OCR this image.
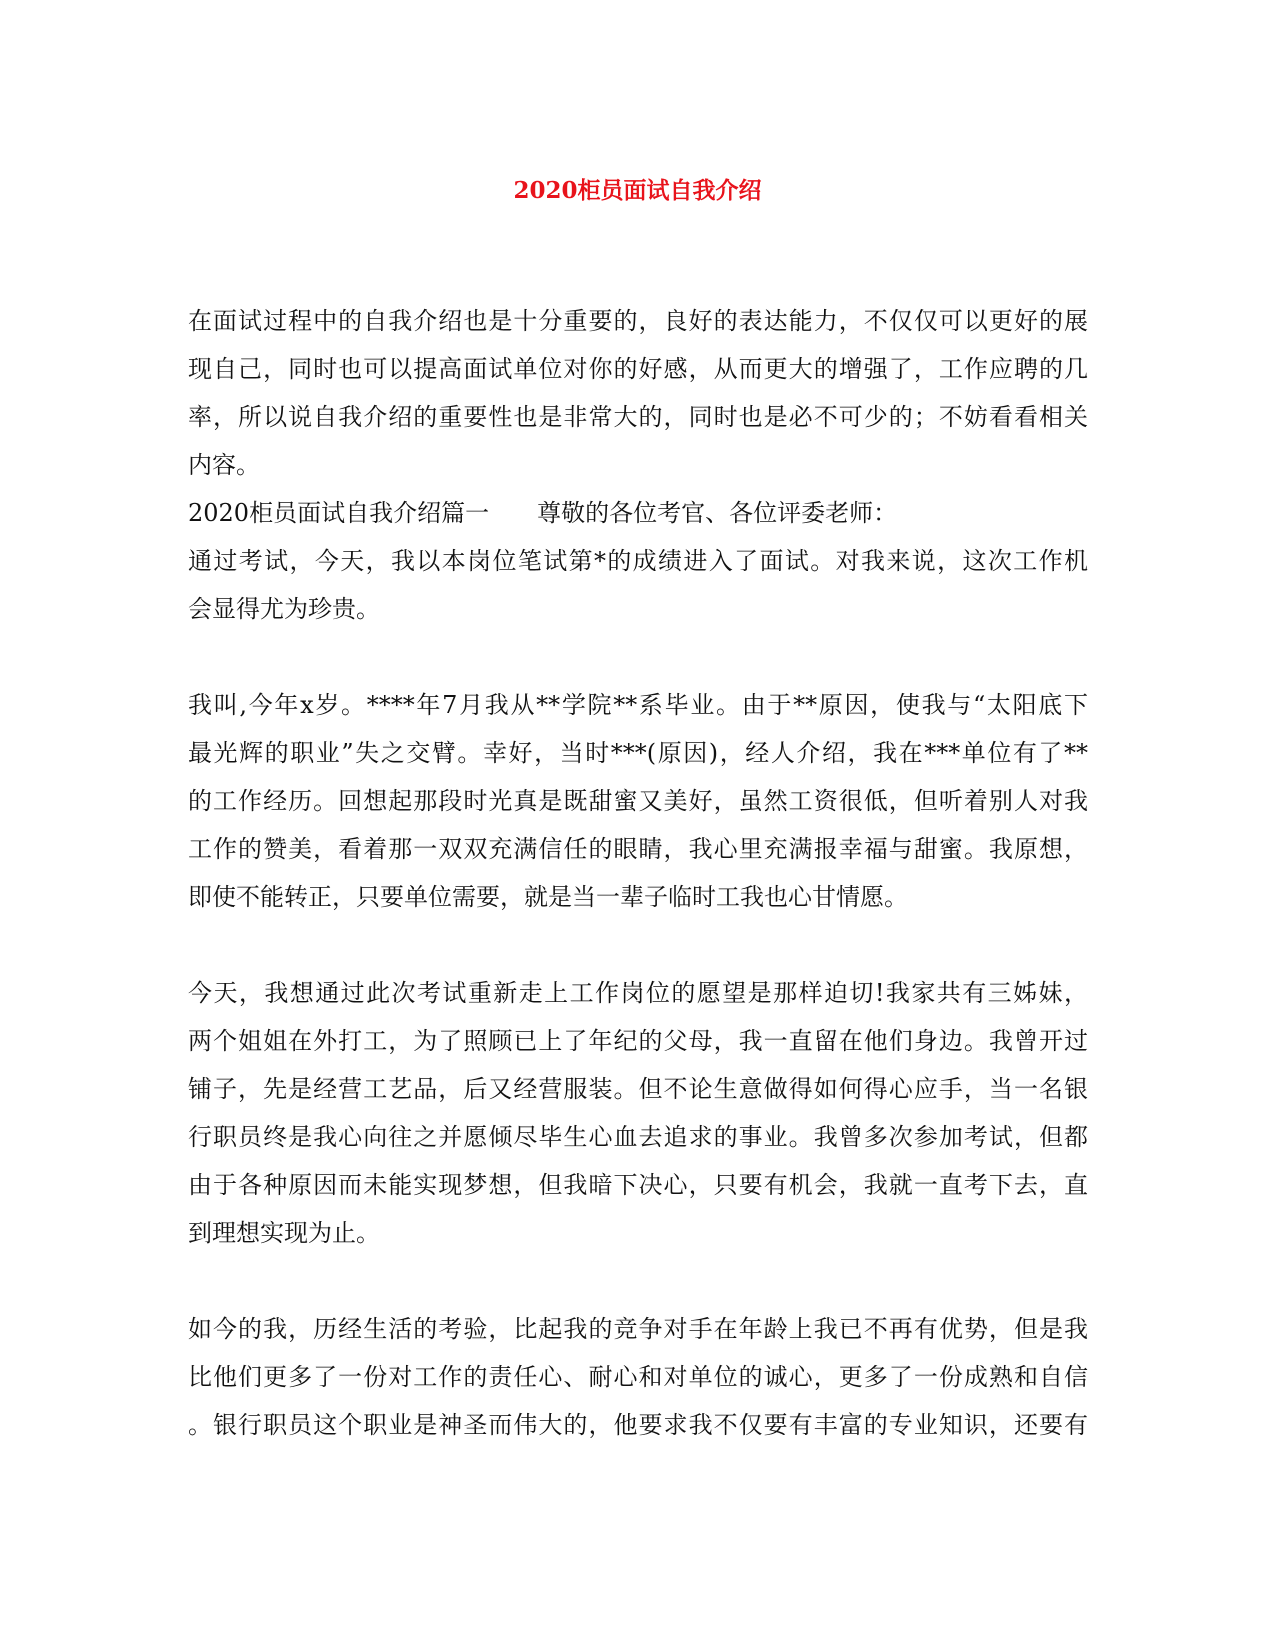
2020柜员面试自我介绍
在面试过程中的自我介绍也是十分重要的，良好的表达能力，不仅仅可以更好的展
现自己，同时也可以提高面试单位对你的好感，从而更大的增强了，工作应聘的几
率，所以说自我介绍的重要性也是非常大的，同时也是必不可少的；不妨看看相关
内容。
2020柜员面试自我介绍篇一　　尊敬的各位考官、各位评委老师：
通过考试，今天，我以本岗位笔试第*的成绩进入了面试。对我来说，这次工作机
会显得尤为珍贵。
我叫,今年x岁。****年7月我从**学院**系毕业。由于**原因，使我与“太阳底下
最光辉的职业”失之交臂。幸好，当时***(原因)，经人介绍，我在***单位有了**
的工作经历。回想起那段时光真是既甜蜜又美好，虽然工资很低，但听着别人对我
工作的赞美，看着那一双双充满信任的眼睛，我心里充满报幸福与甜蜜。我原想，
即使不能转正，只要单位需要，就是当一辈子临时工我也心甘情愿。
今天，我想通过此次考试重新走上工作岗位的愿望是那样迫切!我家共有三姊妹，
两个姐姐在外打工，为了照顾已上了年纪的父母，我一直留在他们身边。我曾开过
铺子，先是经营工艺品，后又经营服装。但不论生意做得如何得心应手，当一名银
行职员终是我心向往之并愿倾尽毕生心血去追求的事业。我曾多次参加考试，但都
由于各种原因而未能实现梦想，但我暗下决心，只要有机会，我就一直考下去，直
到理想实现为止。
如今的我，历经生活的考验，比起我的竞争对手在年龄上我已不再有优势，但是我
比他们更多了一份对工作的责任心、耐心和对单位的诚心，更多了一份成熟和自信
。银行职员这个职业是神圣而伟大的，他要求我不仅要有丰富的专业知识，还要有
